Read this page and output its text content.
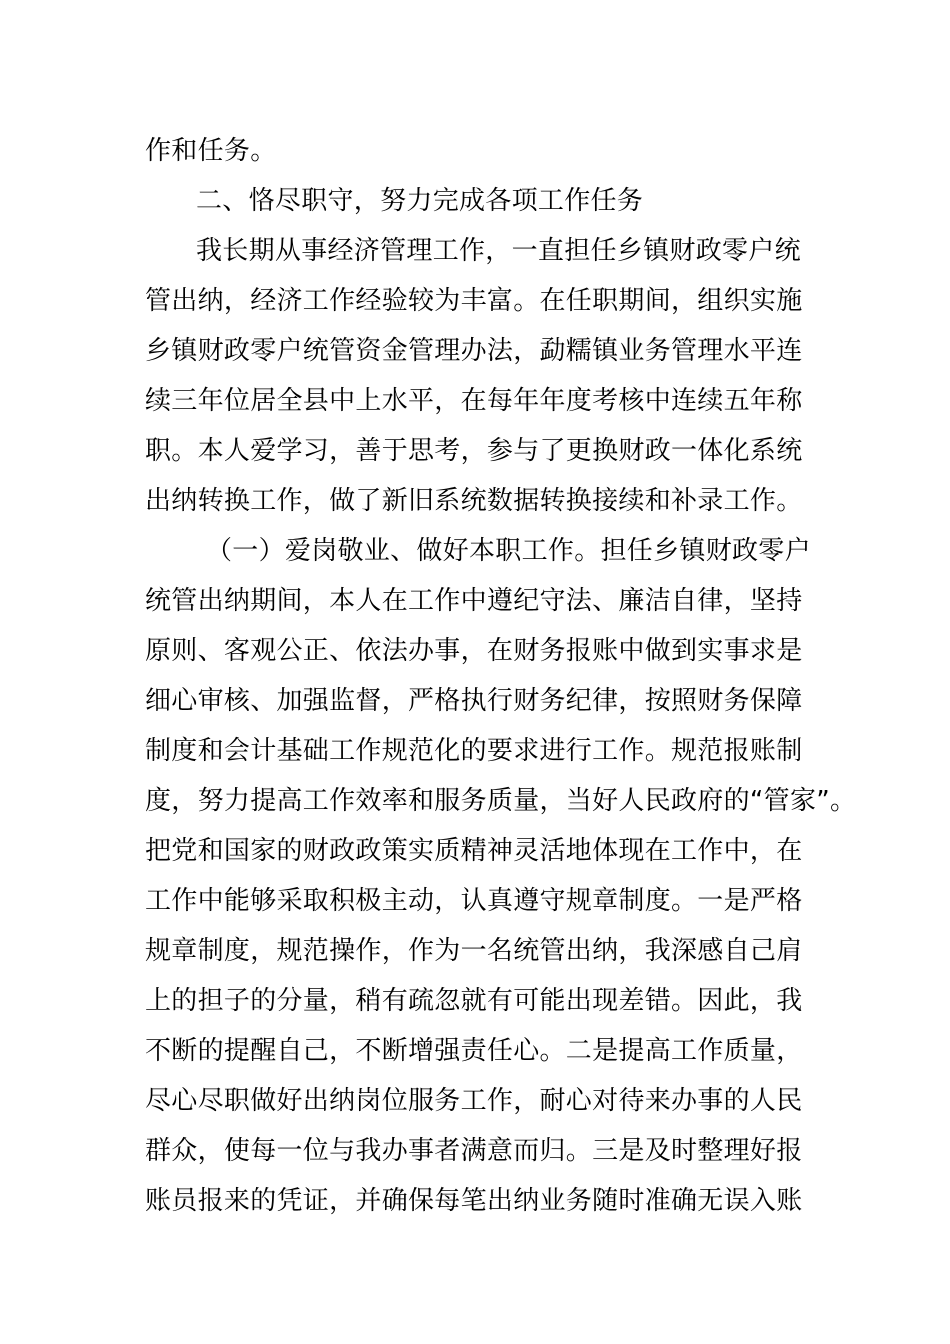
作和任务。
二、恪尽职守，努力完成各项工作任务
我长期从事经济管理工作，一直担任乡镇财政零户统
管出纳，经济工作经验较为丰富。在任职期间，组织实施
乡镇财政零户统管资金管理办法，勐糯镇业务管理水平连
续三年位居全县中上水平，在每年年度考核中连续五年称
职。本人爱学习，善于思考，参与了更换财政一体化系统
出纳转换工作，做了新旧系统数据转换接续和补录工作。
（一）爱岗敬业、做好本职工作。担任乡镇财政零户
统管出纳期间，本人在工作中遵纪守法、廉洁自律，坚持
原则、客观公正、依法办事，在财务报账中做到实事求是
细心审核、加强监督，严格执行财务纪律，按照财务保障
制度和会计基础工作规范化的要求进行工作。规范报账制
度，努力提高工作效率和服务质量，当好人民政府的“管家”。
把党和国家的财政政策实质精神灵活地体现在工作中，在
工作中能够采取积极主动，认真遵守规章制度。一是严格
规章制度，规范操作，作为一名统管出纳，我深感自己肩
上的担子的分量，稍有疏忽就有可能出现差错。因此，我
不断的提醒自己，不断增强责任心。二是提高工作质量，
尽心尽职做好出纳岗位服务工作，耐心对待来办事的人民
群众，使每一位与我办事者满意而归。三是及时整理好报
账员报来的凭证，并确保每笔出纳业务随时准确无误入账
